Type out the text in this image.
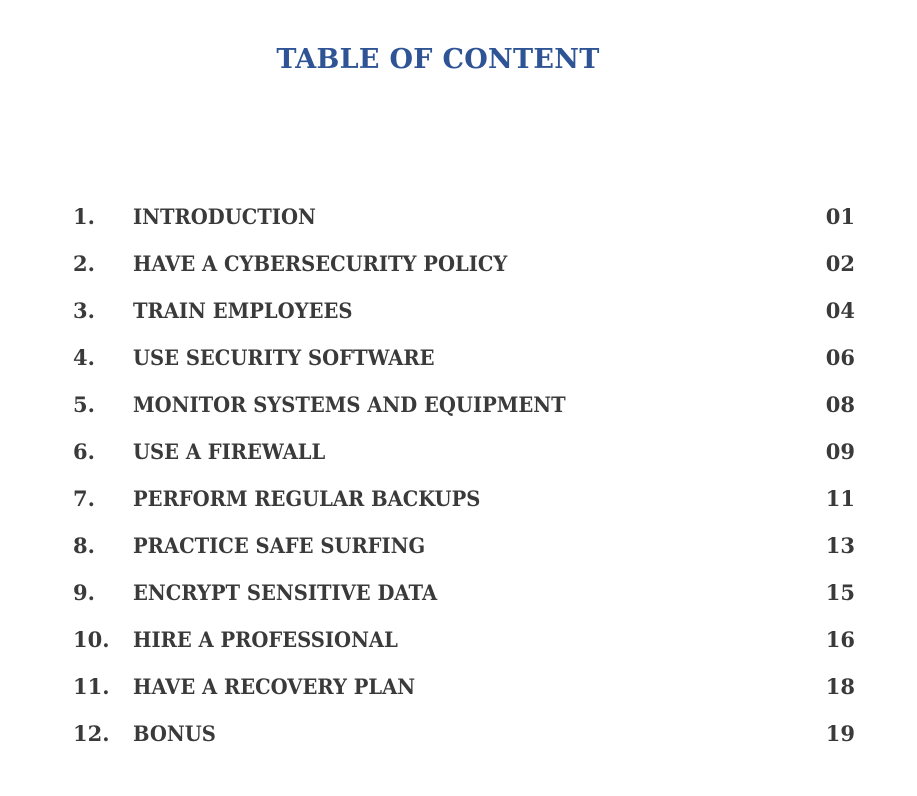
TABLE OF CONTENT
1. INTRODUCTION	01
2. HAVE A CYBERSECURITY POLICY	02
3. TRAIN EMPLOYEES	04
4. USE SECURITY SOFTWARE	06
5. MONITOR SYSTEMS AND EQUIPMENT	08
6. USE A FIREWALL	09
7. PERFORM REGULAR BACKUPS	11
8. PRACTICE SAFE SURFING	13
9. ENCRYPT SENSITIVE DATA	15
10. HIRE A PROFESSIONAL	16
11. HAVE A RECOVERY PLAN	18
12. BONUS	19
